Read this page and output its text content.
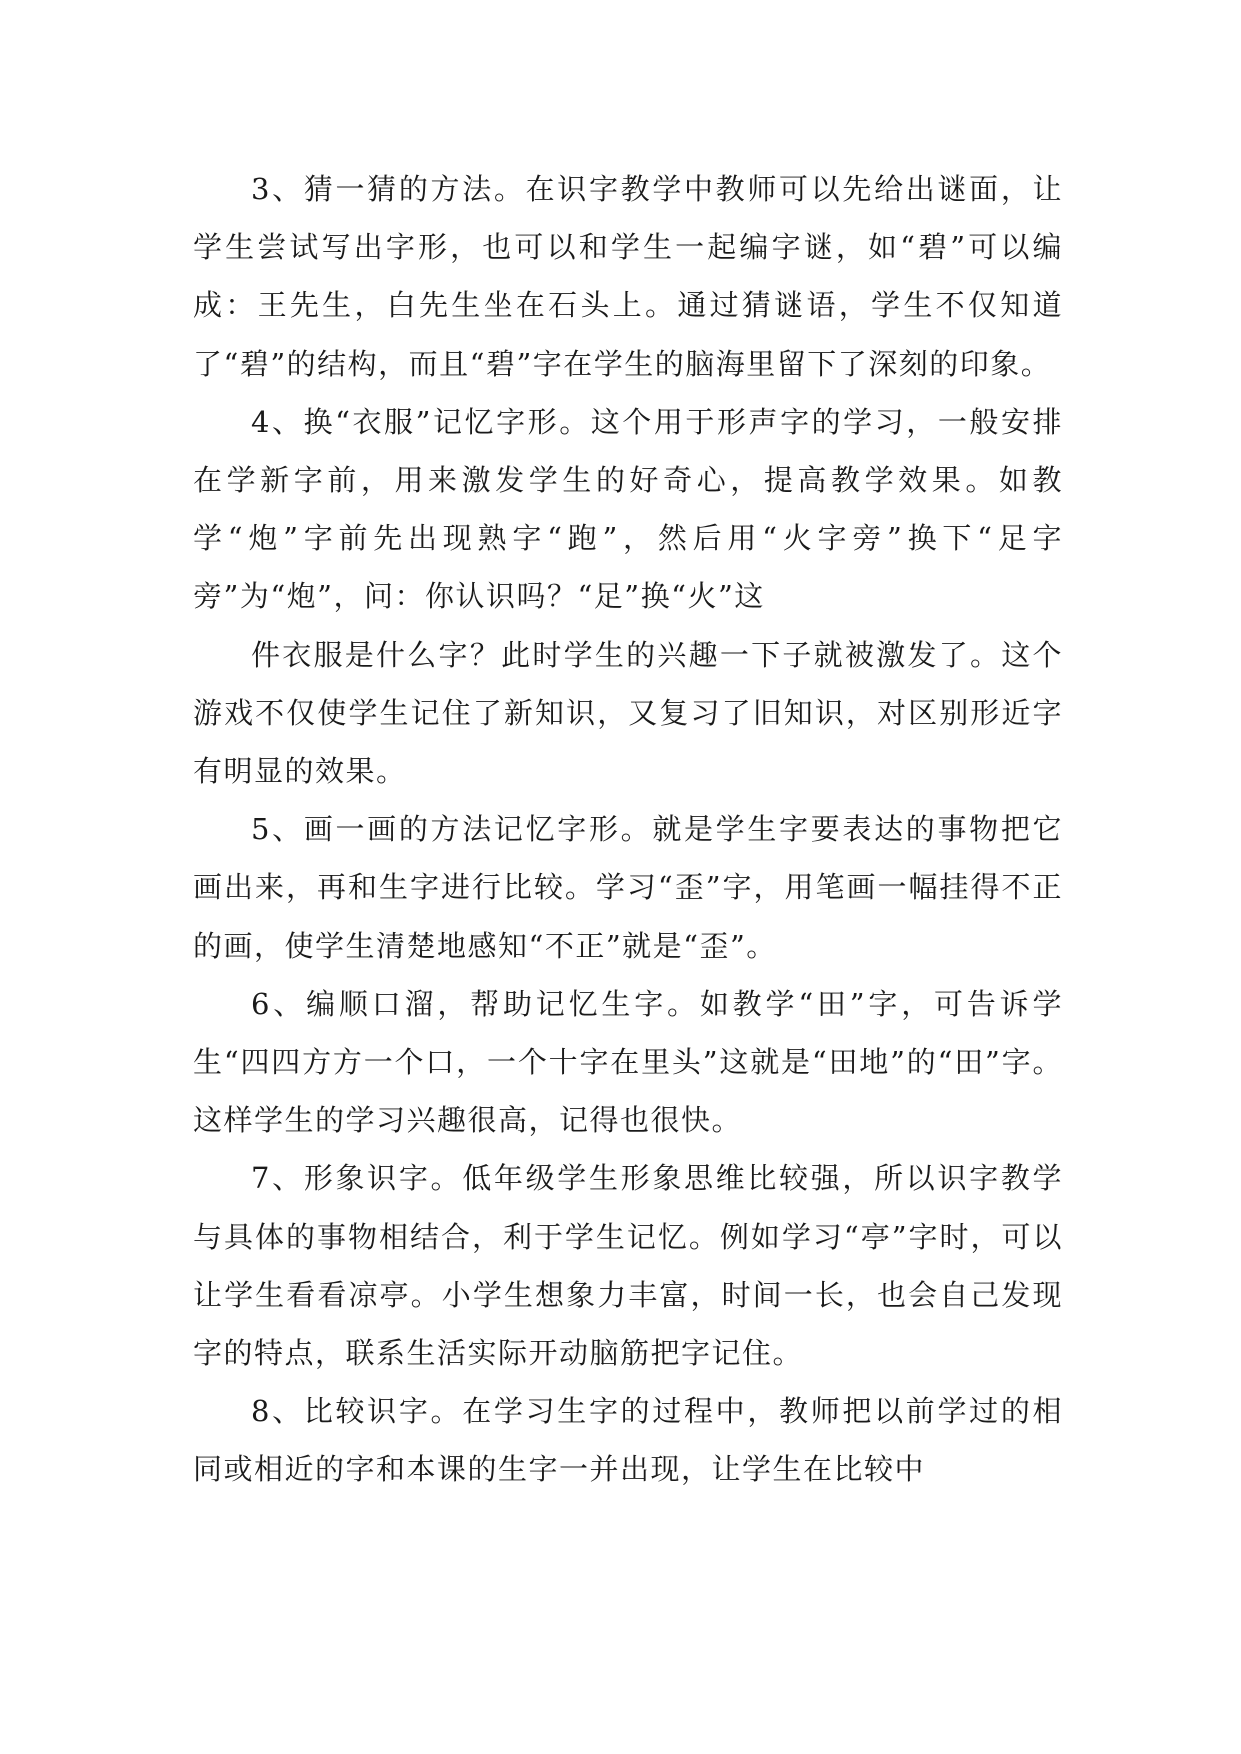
3、猜一猜的方法。在识字教学中教师可以先给出谜面，让学生尝试写出字形，也可以和学生一起编字谜，如“碧”可以编成：王先生，白先生坐在石头上。通过猜谜语，学生不仅知道了“碧”的结构，而且“碧”字在学生的脑海里留下了深刻的印象。

4、换“衣服”记忆字形。这个用于形声字的学习，一般安排在学新字前，用来激发学生的好奇心，提高教学效果。如教学“炮”字前先出现熟字“跑”，然后用“火字旁”换下“足字旁”为“炮”，问：你认识吗？“足”换“火”这

件衣服是什么字？此时学生的兴趣一下子就被激发了。这个游戏不仅使学生记住了新知识，又复习了旧知识，对区别形近字有明显的效果。

5、画一画的方法记忆字形。就是学生字要表达的事物把它画出来，再和生字进行比较。学习“歪”字，用笔画一幅挂得不正的画，使学生清楚地感知“不正”就是“歪”。

6、编顺口溜，帮助记忆生字。如教学“田”字，可告诉学生“四四方方一个口，一个十字在里头”这就是“田地”的“田”字。这样学生的学习兴趣很高，记得也很快。

7、形象识字。低年级学生形象思维比较强，所以识字教学与具体的事物相结合，利于学生记忆。例如学习“亭”字时，可以让学生看看凉亭。小学生想象力丰富，时间一长，也会自己发现字的特点，联系生活实际开动脑筋把字记住。

8、比较识字。在学习生字的过程中，教师把以前学过的相同或相近的字和本课的生字一并出现，让学生在比较中
